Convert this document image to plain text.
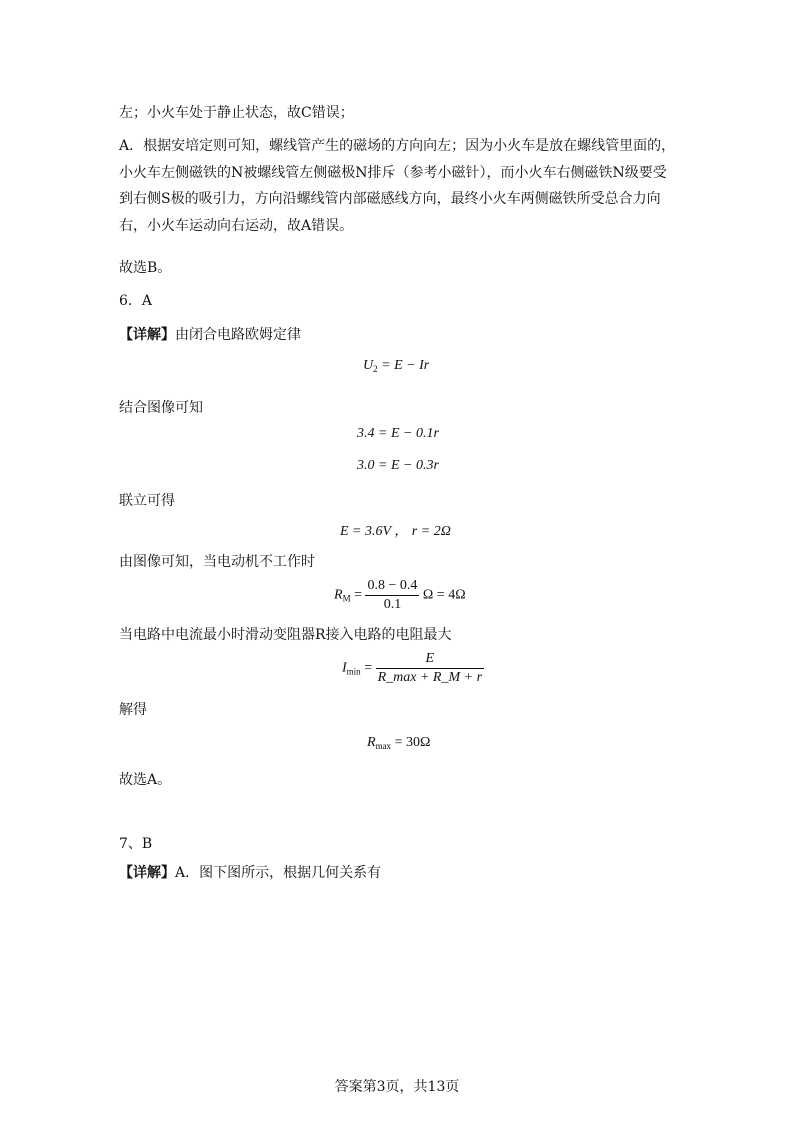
左；小火车处于静止状态，故C错误；
A．根据安培定则可知，螺线管产生的磁场的方向向左；因为小火车是放在螺线管里面的，小火车左侧磁铁的N被螺线管左侧磁极N排斥（参考小磁针），而小火车右侧磁铁N级要受到右侧S极的吸引力，方向沿螺线管内部磁感线方向，最终小火车两侧磁铁所受总合力向右，小火车运动向右运动，故A错误。
故选B。
6．A
【详解】由闭合电路欧姆定律
$U_2 = E - Ir$
结合图像可知
3.4 = E − 0.1r
3.0 = E − 0.3r
联立可得
E = 3.6V ， r = 2Ω
由图像可知，当电动机不工作时
$R_M = \frac{0.8 - 0.4}{0.1}$ Ω = 4Ω
当电路中电流最小时滑动变阻器R接入电路的电阻最大
$I_{min} = \frac{E}{R\_\max + R\_M + r}$
解得
$R_{max} = 30\Omega$
故选A。
7、B
【详解】A．图下图所示，根据几何关系有
答案第3页，共13页
